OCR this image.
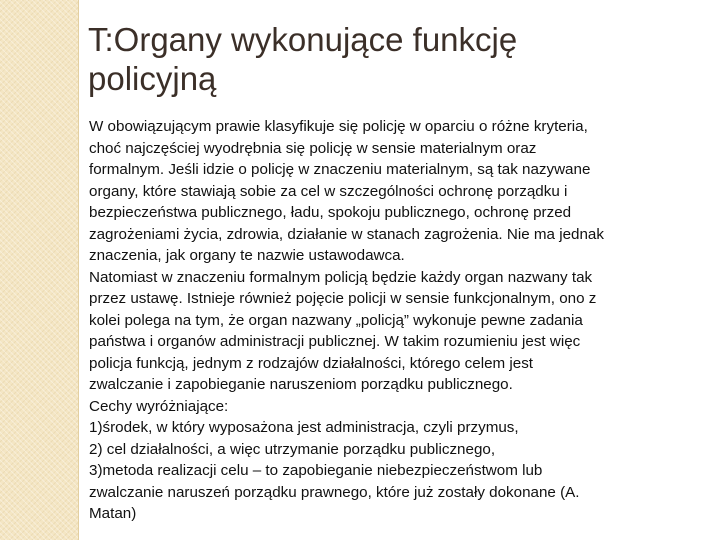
T:Organy wykonujące funkcję
policyjną
W obowiązującym prawie klasyfikuje się policję w oparciu o różne kryteria,
choć najczęściej wyodrębnia się policję w sensie materialnym oraz
formalnym. Jeśli idzie o policję w znaczeniu materialnym, są tak nazywane
organy, które stawiają sobie za cel w szczególności ochronę porządku i
bezpieczeństwa publicznego, ładu, spokoju publicznego, ochronę przed
zagrożeniami życia, zdrowia, działanie w stanach zagrożenia. Nie ma jednak
znaczenia, jak organy te nazwie ustawodawca.
Natomiast w znaczeniu formalnym policją będzie każdy organ nazwany tak
przez ustawę. Istnieje również pojęcie policji w sensie funkcjonalnym, ono z
kolei polega na tym, że organ nazwany „policją” wykonuje pewne zadania
państwa i organów administracji publicznej. W takim rozumieniu jest więc
policja funkcją, jednym z rodzajów działalności, którego celem jest
zwalczanie i zapobieganie naruszeniom porządku publicznego.
Cechy wyróżniające:
1)środek, w który wyposażona jest administracja, czyli przymus,
2) cel działalności, a więc utrzymanie porządku publicznego,
3)metoda realizacji celu – to zapobieganie niebezpieczeństwom lub
zwalczanie naruszeń porządku prawnego, które już zostały dokonane (A.
Matan)
